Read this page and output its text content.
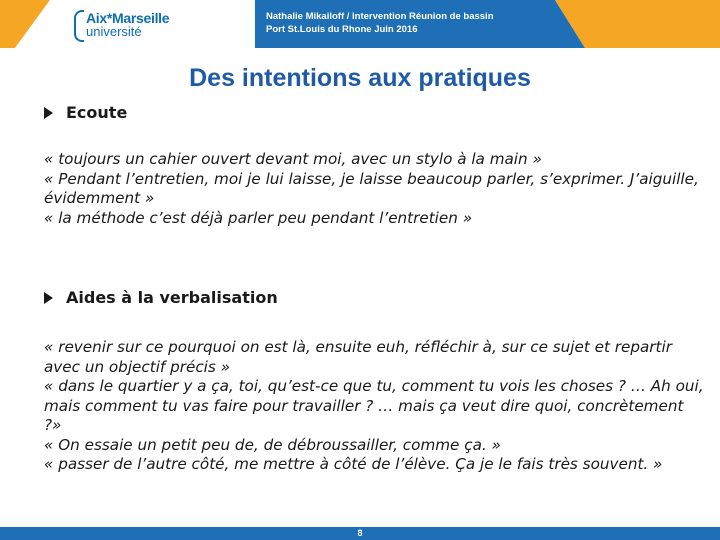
Aix*Marseille
université
Nathalie Mikailoff / Intervention Réunion de bassin
Port St.Louis du Rhone Juin 2016
Des intentions aux pratiques
Ecoute

« toujours un cahier ouvert devant moi, avec un stylo à la main »

« Pendant l’entretien, moi je lui laisse, je laisse beaucoup parler, s’exprimer. J’aiguille, évidemment »

« la méthode c’est déjà parler peu pendant l’entretien »

Aides à la verbalisation

« revenir sur ce pourquoi on est là, ensuite euh, réfléchir à, sur ce sujet et repartir avec un objectif précis »

« dans le quartier y a ça, toi, qu’est-ce que tu, comment tu vois les choses ? … Ah oui, mais comment tu vas faire pour travailler ? … mais ça veut dire quoi, concrètement ?»

« On essaie un petit peu de, de débroussailler, comme ça. »

« passer de l’autre côté, me mettre à côté de l’élève. Ça je le fais très souvent. »

8
